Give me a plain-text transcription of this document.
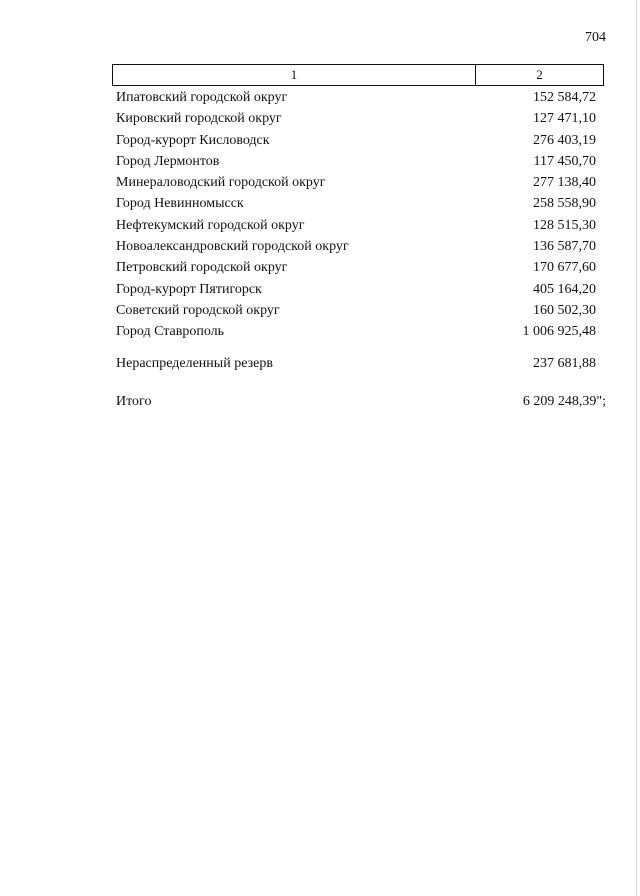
704
1	2
Ипатовский городской округ	152 584,72
Кировский городской округ	127 471,10
Город-курорт Кисловодск	276 403,19
Город Лермонтов	117 450,70
Минераловодский городской округ	277 138,40
Город Невинномысск	258 558,90
Нефтекумский городской округ	128 515,30
Новоалександровский городской округ	136 587,70
Петровский городской округ	170 677,60
Город-курорт Пятигорск	405 164,20
Советский городской округ	160 502,30
Город Ставрополь	1 006 925,48
Нераспределенный резерв	237 681,88
Итого	6 209 248,39";
